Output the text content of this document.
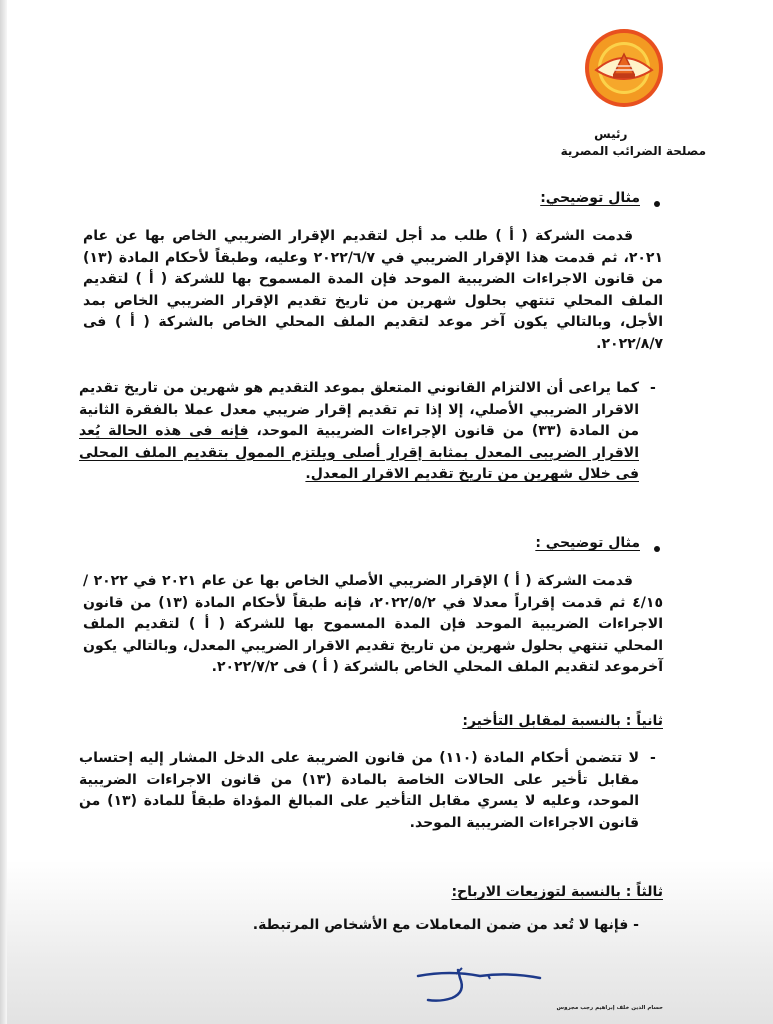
رئيس

مصلحة الضرائب المصرية
مثال توضيحي:
قدمت الشركة ( أ ) طلب مد أجل لتقديم الإقرار الضريبي الخاص بها عن عام ٢٠٢١، ثم قدمت هذا الإقرار الضريبي في ٢٠٢٢/٦/٧ وعليه، وطبقاً لأحكام المادة (١٣) من قانون الاجراءات الضريبية الموحد فإن المدة المسموح بها للشركة ( أ ) لتقديم الملف المحلي تنتهي بحلول شهرين من تاريخ تقديم الإقرار الضريبي الخاص بمد الأجل، وبالتالي يكون آخر موعد لتقديم الملف المحلي الخاص بالشركة ( أ ) فى ٢٠٢٢/٨/٧.
-
كما يراعى أن الالتزام القانوني المتعلق بموعد التقديم هو شهرين من تاريخ تقديم الاقرار الضريبي الأصلي، إلا إذا تم تقديم إقرار ضريبي معدل عملا بالفقرة الثانية من المادة (٣٣) من قانون الإجراءات الضريبية الموحد، فإنه فى هذه الحالة يُعد الاقرار الضريبى المعدل بمثابة إقرار أصلى ويلتزم الممول بتقديم الملف المحلى فى خلال شهرين من تاريخ تقديم الاقرار المعدل.
مثال توضيحي :
قدمت الشركة ( أ ) الإقرار الضريبي الأصلي الخاص بها عن عام ٢٠٢١ في ٢٠٢٢ /٤/١٥ ثم قدمت إقراراً معدلا في ٢٠٢٢/٥/٢، فإنه طبقاً لأحكام المادة (١٣) من قانون الاجراءات الضريبية الموحد فإن المدة المسموح بها للشركة ( أ ) لتقديم الملف المحلي تنتهي بحلول شهرين من تاريخ تقديم الاقرار الضريبي المعدل، وبالتالي يكون آخرموعد لتقديم الملف المحلي الخاص بالشركة ( أ ) فى ٢٠٢٢/٧/٢.
ثانياً : بالنسبة لمقابل التأخير:
-
لا تتضمن أحكام المادة (١١٠) من قانون الضريبة على الدخل المشار إليه إحتساب مقابل تأخير على الحالات الخاصة بالمادة (١٣) من قانون الاجراءات الضريبية الموحد، وعليه لا يسري مقابل التأخير على المبالغ المؤداة طبقاً للمادة (١٣) من قانون الاجراءات الضريبية الموحد.
ثالثاً : بالنسبة لتوزيعات الارباح:
- فإنها لا تُعد من ضمن المعاملات مع الأشخاص المرتبطة.
حسام الدين خلف إبراهيم رجب مجروس
